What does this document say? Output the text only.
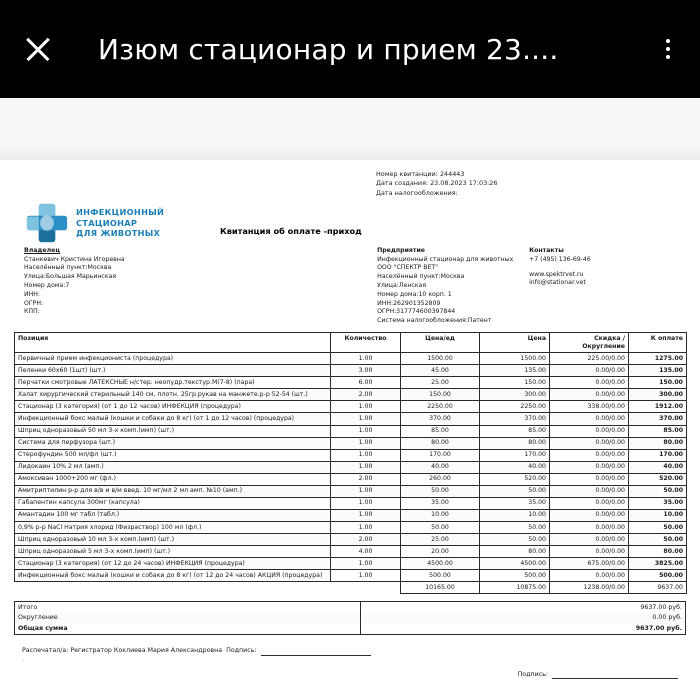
Изюм стационар и прием 23....
Номер квитанции: 244443
Дата создания: 23.08.2023 17:03:26
Дата налогообложения:
ИНФЕКЦИОННЫЙ
СТАЦИОНАР
ДЛЯ ЖИВОТНЫХ	Квитанция об оплате -приход
Владелец
Станкевич Кристина Игоревна
Населённый пункт:Москва
Улица:Большая Марьинская
Номер дома:7
ИНН:
ОГРН:
КПП:
Предприятие
Инфекционный стационар для животных
ООО "СПЕКТР ВЕТ"
Населённый пункт:Москва
Улица:Ленская
Номер дома:10 корп. 1
ИНН:262901352809
ОГРН:317774600397844
Система налогообложения:Патент
Контакты
+7 (495) 136-69-46
www.spektrvet.ru
info@stationar.vet
Позиция	Количество	Цена/ед	Цена	Скидка / Округление	К оплате
Первичный прием инфекциониста (процедура)	1.00	1500.00	1500.00	225.00/0.00	1275.00
Пеленки 60х60 (1шт) (шт.)	3.00	45.00	135.00	0.00/0.00	135.00
Перчатки смотровые ЛАТЕКСНЫЕ н/стер. неопудр.текстур.М(7-8) (пара)	6.00	25.00	150.00	0.00/0.00	150.00
Халат хирургический стерильный 140 см, плотн. 25гр.рукав на манжете.р-р 52-54 (шт.)	2.00	150.00	300.00	0.00/0.00	300.00
Стационар (3 категория) (от 1 до 12 часов) ИНФЕКЦИЯ (процедура)	1.00	2250.00	2250.00	338.00/0.00	1912.00
Инфекционный бокс малый (кошки и собаки до 8 кг) (от 1 до 12 часов) (процедура)	1.00	370.00	370.00	0.00/0.00	370.00
Шприц одноразовый 50 мл 3-х комп.(имп) (шт.)	1.00	85.00	85.00	0.00/0.00	85.00
Система для перфузора (шт.)	1.00	80.00	80.00	0.00/0.00	80.00
Стерофундин 500 мл/фл (шт.)	1.00	170.00	170.00	0.00/0.00	170.00
Лидокаин 10% 2 мл (амп.)	1.00	40.00	40.00	0.00/0.00	40.00
Амоксиван 1000+200 мг (фл.)	2.00	260.00	520.00	0.00/0.00	520.00
Амитриптилин р-р для в/в и в/м введ. 10 мг/мл 2 мл амп. №10 (амп.)	1.00	50.00	50.00	0.00/0.00	50.00
Габапентин капсула 300мг (капсула)	1.00	35.00	35.00	0.00/0.00	35.00
Амантадин 100 мг табл (табл.)	1.00	10.00	10.00	0.00/0.00	10.00
0,9% р-р NaCl Натрия хлорид (Физраствор) 100 мл (фл.)	1.00	50.00	50.00	0.00/0.00	50.00
Шприц одноразовый 10 мл 3-х комп.(имп) (шт.)	2.00	25.00	50.00	0.00/0.00	50.00
Шприц одноразовый 5 мл 3-х комп.(имп) (шт.)	4.00	20.00	80.00	0.00/0.00	80.00
Стационар (3 категория) (от 12 до 24 часов) ИНФЕКЦИЯ (процедура)	1.00	4500.00	4500.00	675.00/0.00	3825.00
Инфекционный бокс малый (кошки и собаки до 8 кг) (от 12 до 24 часов) АКЦИЯ (процедура)	1.00	500.00	500.00	0.00/0.00	500.00
		10165.00	10875.00	1238.00/0.00	9637.00
Итого	9637.00 руб.
Округление	0.00 руб.
Общая сумма	9637.00 руб.
Распечатал/a: Регистратор Коклиева Мария Александровна Подпись:
.
Подпись:
